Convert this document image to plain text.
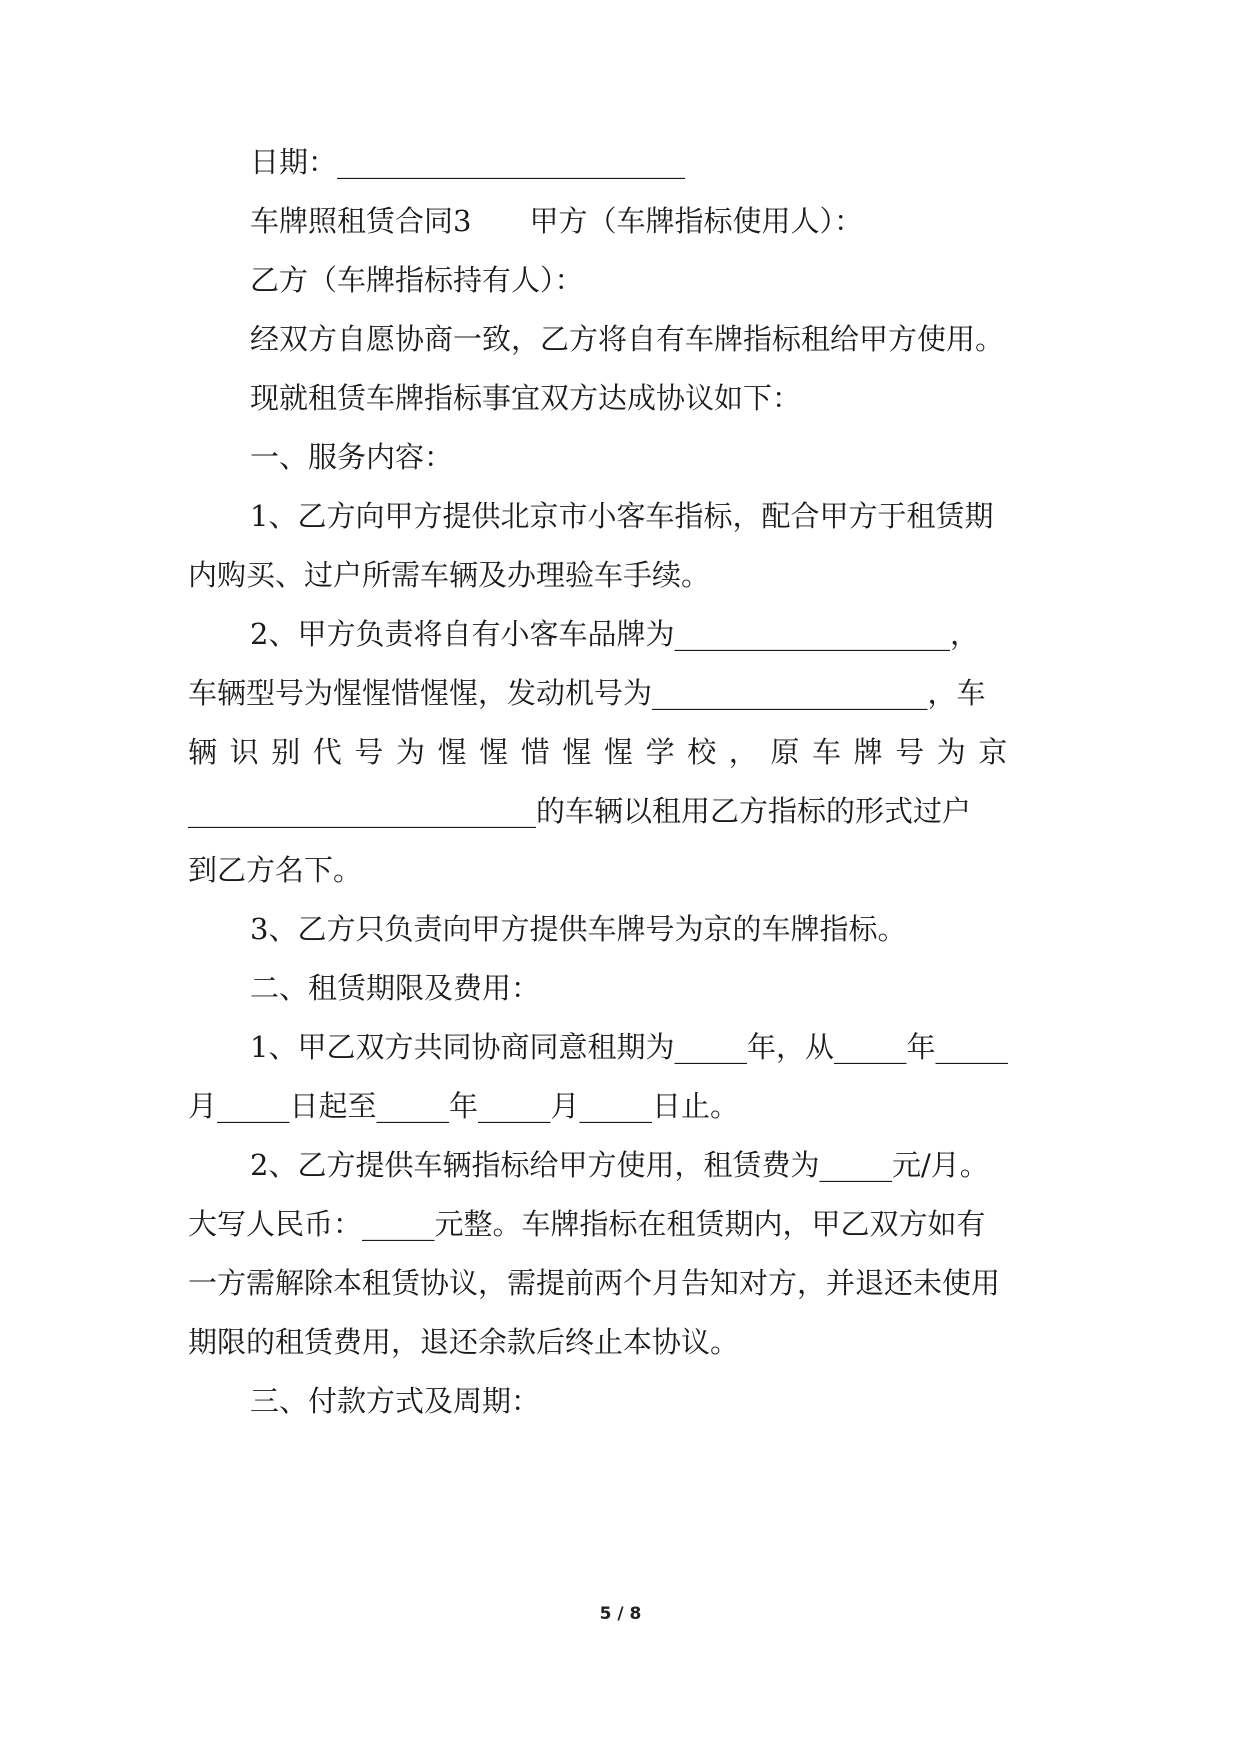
日期：________________________
车牌照租赁合同3　　甲方（车牌指标使用人）：
乙方（车牌指标持有人）：
经双方自愿协商一致，乙方将自有车牌指标租给甲方使用。
现就租赁车牌指标事宜双方达成协议如下：
一、服务内容：
1、乙方向甲方提供北京市小客车指标，配合甲方于租赁期
内购买、过户所需车辆及办理验车手续。
2、甲方负责将自有小客车品牌为___________________，
车辆型号为惺惺惜惺惺，发动机号为___________________，车
辆识别代号为惺惺惜惺惺学校，原车牌号为京
________________________的车辆以租用乙方指标的形式过户
到乙方名下。
3、乙方只负责向甲方提供车牌号为京的车牌指标。
二、租赁期限及费用：
1、甲乙双方共同协商同意租期为_____年，从_____年_____
月_____日起至_____年_____月_____日止。
2、乙方提供车辆指标给甲方使用，租赁费为_____元/月。
大写人民币：_____元整。车牌指标在租赁期内，甲乙双方如有
一方需解除本租赁协议，需提前两个月告知对方，并退还未使用
期限的租赁费用，退还余款后终止本协议。
三、付款方式及周期：
5 / 8
